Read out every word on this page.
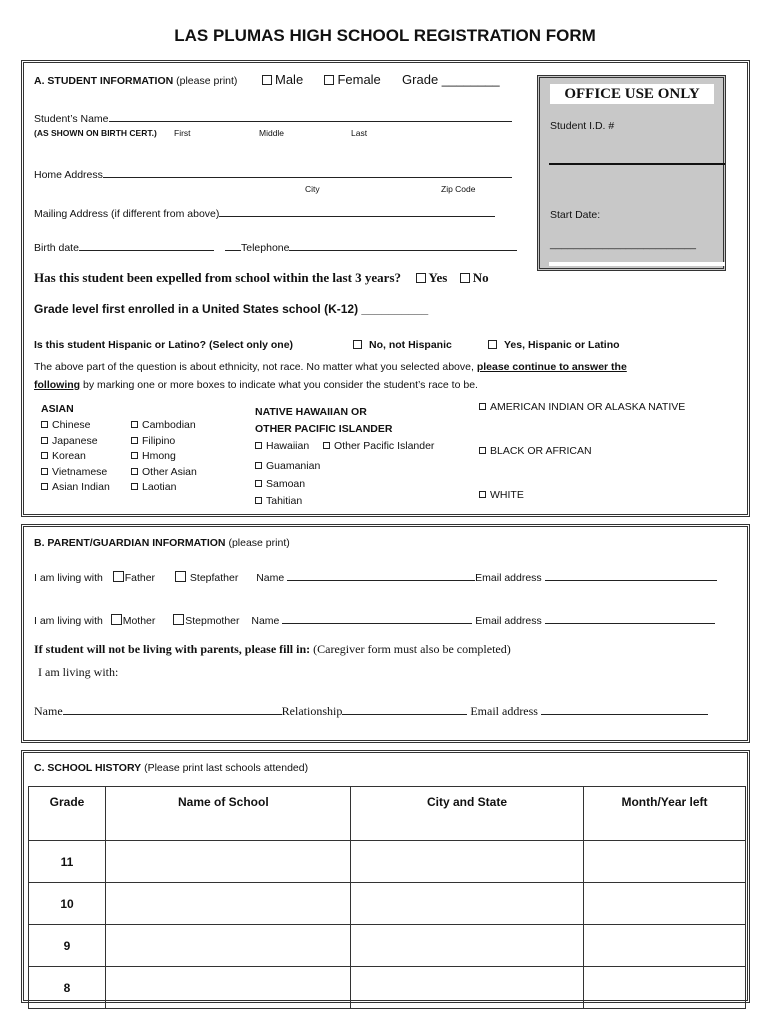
LAS PLUMAS HIGH SCHOOL REGISTRATION FORM
A. STUDENT INFORMATION (please print)	Male	Female Grade ________
Student’s Name
(AS SHOWN ON BIRTH CERT.) First	Middle	Last
Home Address
City	Zip Code
Mailing Address (if different from above)
Birth date	Telephone
Has this student been expelled from school within the last 3 years? Yes No
Grade level first enrolled in a United States school (K-12) __________
Is this student Hispanic or Latino? (Select only one)	No, not Hispanic	Yes, Hispanic or Latino
The above part of the question is about ethnicity, not race. No matter what you selected above, please continue to answer the
following by marking one or more boxes to indicate what you consider the student’s race to be.
ASIAN
Chinese
Japanese
Korean
Vietnamese
Asian Indian
Cambodian
Filipino
Hmong
Other Asian
Laotian
NATIVE HAWAIIAN OR
OTHER PACIFIC ISLANDER
Hawaiian Other Pacific Islander
Guamanian
Samoan
Tahitian
AMERICAN INDIAN OR ALASKA NATIVE
BLACK OR AFRICAN
WHITE
OFFICE USE ONLY
Student I.D. #
Start Date:
_________________________
B. PARENT/GUARDIAN INFORMATION (please print)
I am living with Father	Stepfather Name	Email address
I am living with Mother	Stepmother Name	Email address
If student will not be living with parents, please fill in: (Caregiver form must also be completed)
I am living with:
Name	Relationship	Email address
C. SCHOOL HISTORY (Please print last schools attended)
Grade	Name of School	City and State	Month/Year left
11			
10			
9			
8			
